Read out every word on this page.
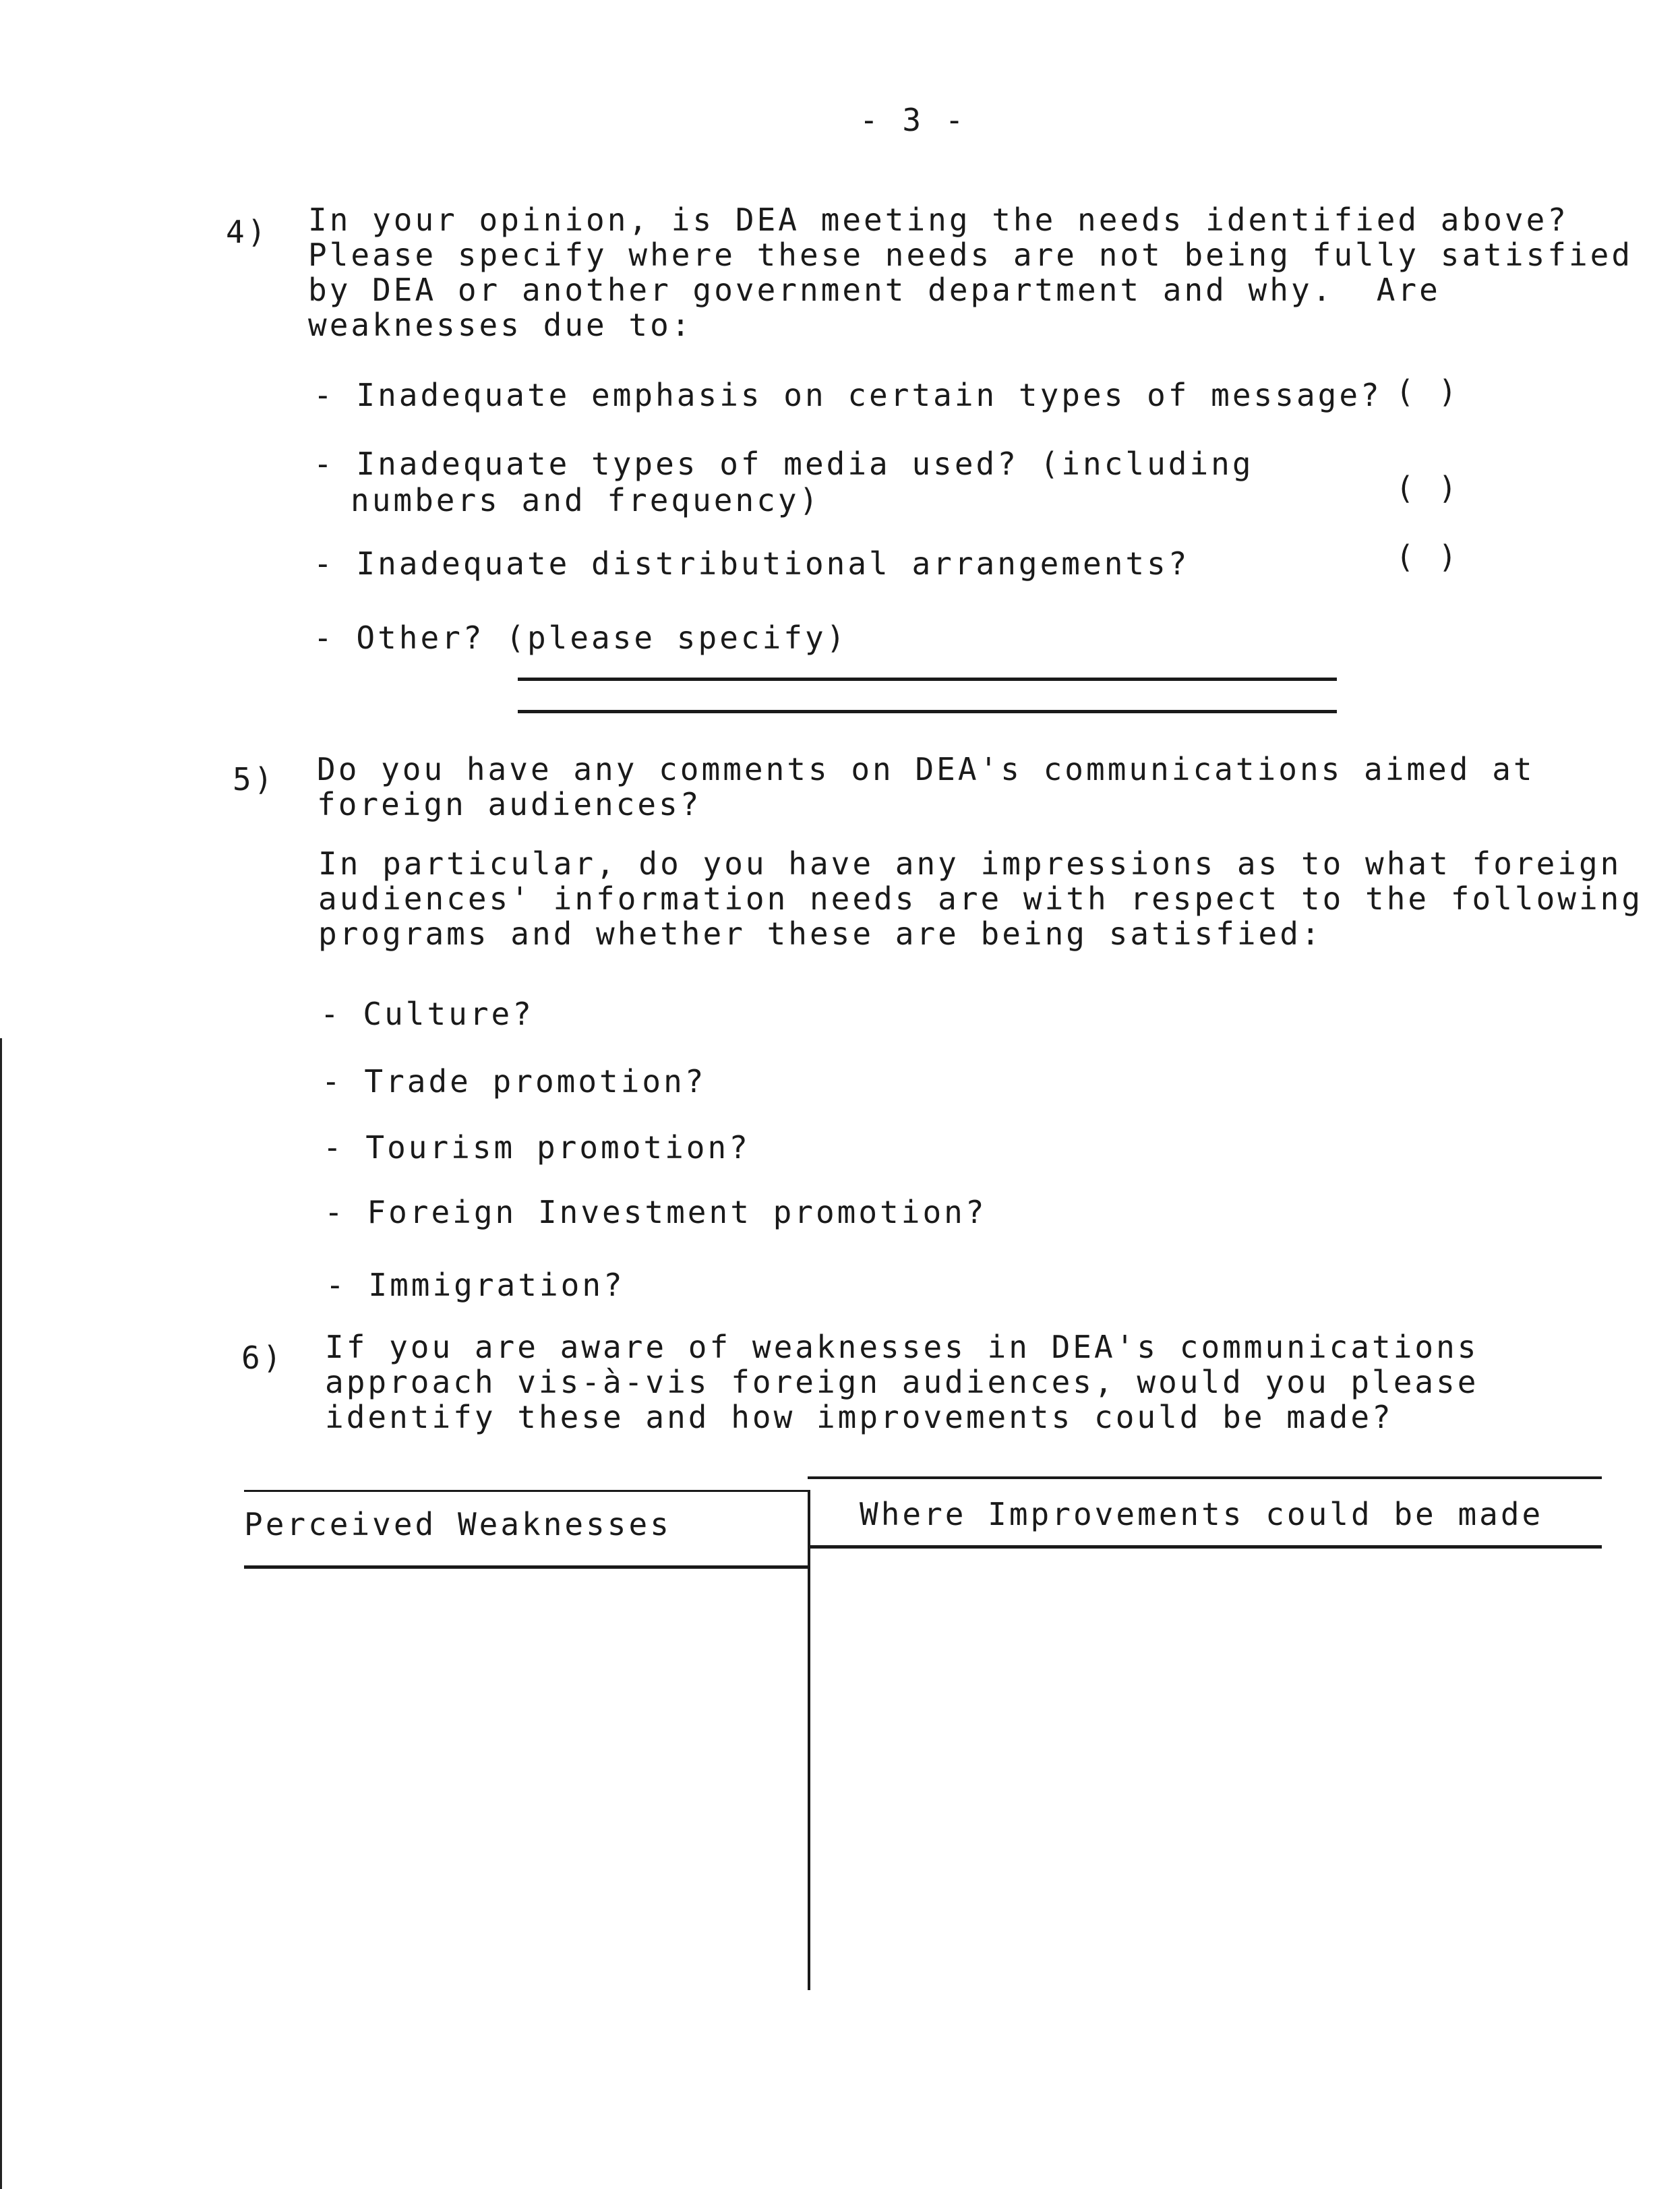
- 3 -
4) In your opinion, is DEA meeting the needs identified above?
Please specify where these needs are not being fully satisfied
by DEA or another government department and why.  Are
weaknesses due to:
- Inadequate emphasis on certain types of message? ( )
- Inadequate types of media used? (including
numbers and frequency)	( )
- Inadequate distributional arrangements?	( )
- Other? (please specify)
5) Do you have any comments on DEA's communications aimed at
foreign audiences?
In particular, do you have any impressions as to what foreign
audiences' information needs are with respect to the following
programs and whether these are being satisfied:
- Culture?
- Trade promotion?
- Tourism promotion?
- Foreign Investment promotion?
- Immigration?
6) If you are aware of weaknesses in DEA's communications
approach vis-à-vis foreign audiences, would you please
identify these and how improvements could be made?
Perceived Weaknesses	Where Improvements could be made
